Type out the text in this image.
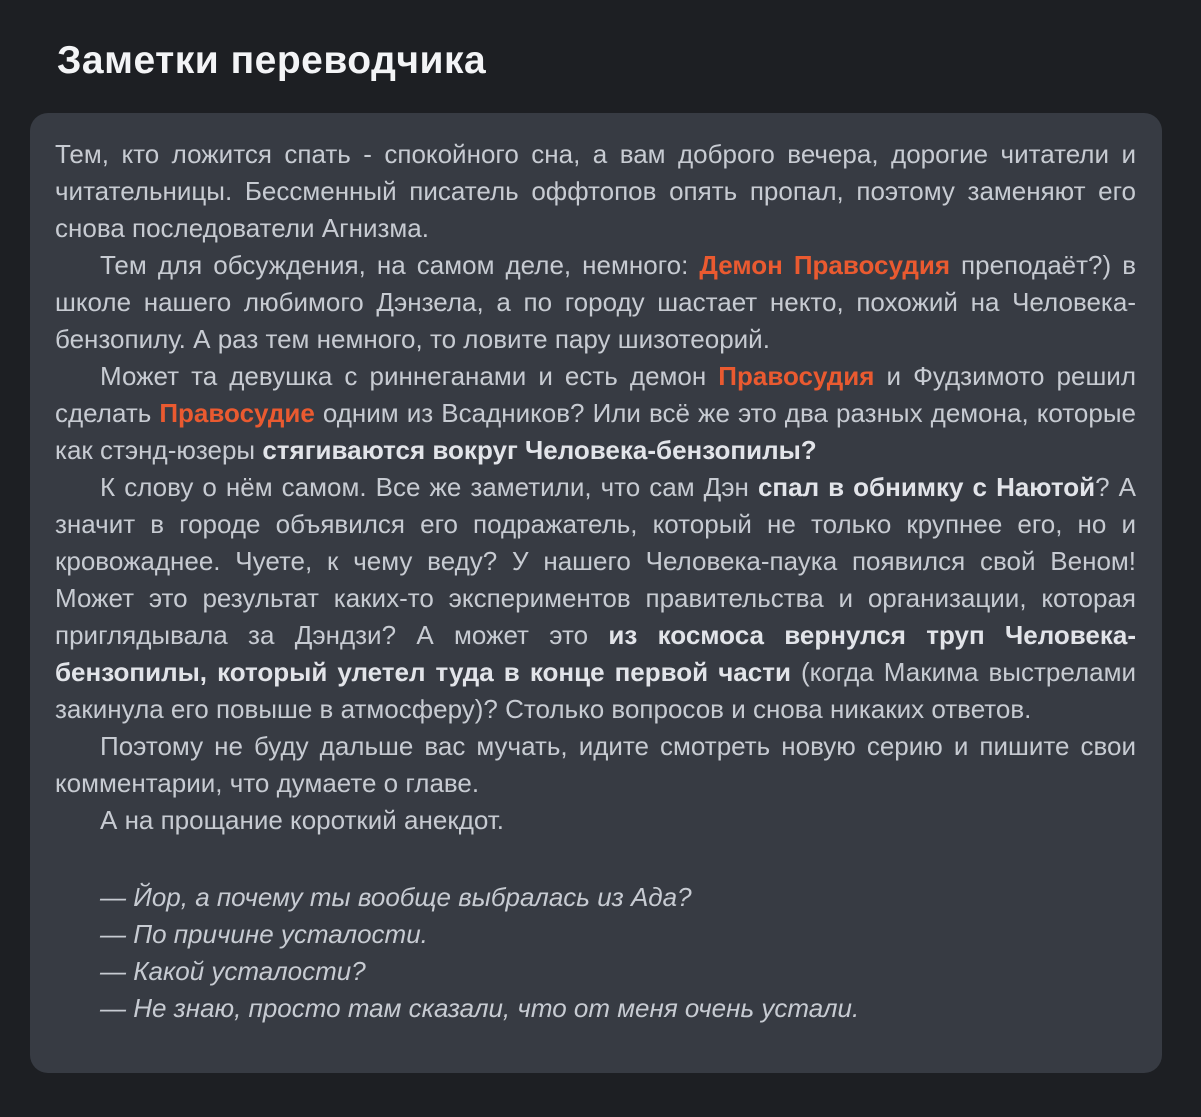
Заметки переводчика

Тем, кто ложится спать - спокойного сна, а вам доброго вечера, дорогие читатели и читательницы. Бессменный писатель оффтопов опять пропал, поэтому заменяют его снова последователи Агнизма.

Тем для обсуждения, на самом деле, немного: Демон Правосудия преподаёт?) в школе нашего любимого Дэнзела, а по городу шастает некто, похожий на Человека-бензопилу. А раз тем немного, то ловите пару шизотеорий.

Может та девушка с риннеганами и есть демон Правосудия и Фудзимото решил сделать Правосудие одним из Всадников? Или всё же это два разных демона, которые как стэнд-юзеры стягиваются вокруг Человека-бензопилы?

К слову о нём самом. Все же заметили, что сам Дэн спал в обнимку с Наютой? А значит в городе объявился его подражатель, который не только крупнее его, но и кровожаднее. Чуете, к чему веду? У нашего Человека-паука появился свой Веном! Может это результат каких-то экспериментов правительства и организации, которая приглядывала за Дэндзи? А может это из космоса вернулся труп Человека-бензопилы, который улетел туда в конце первой части (когда Макима выстрелами закинула его повыше в атмосферу)? Столько вопросов и снова никаких ответов.

Поэтому не буду дальше вас мучать, идите смотреть новую серию и пишите свои комментарии, что думаете о главе.

А на прощание короткий анекдот.

— Йор, а почему ты вообще выбралась из Ада?

— По причине усталости.

— Какой усталости?

— Не знаю, просто там сказали, что от меня очень устали.
